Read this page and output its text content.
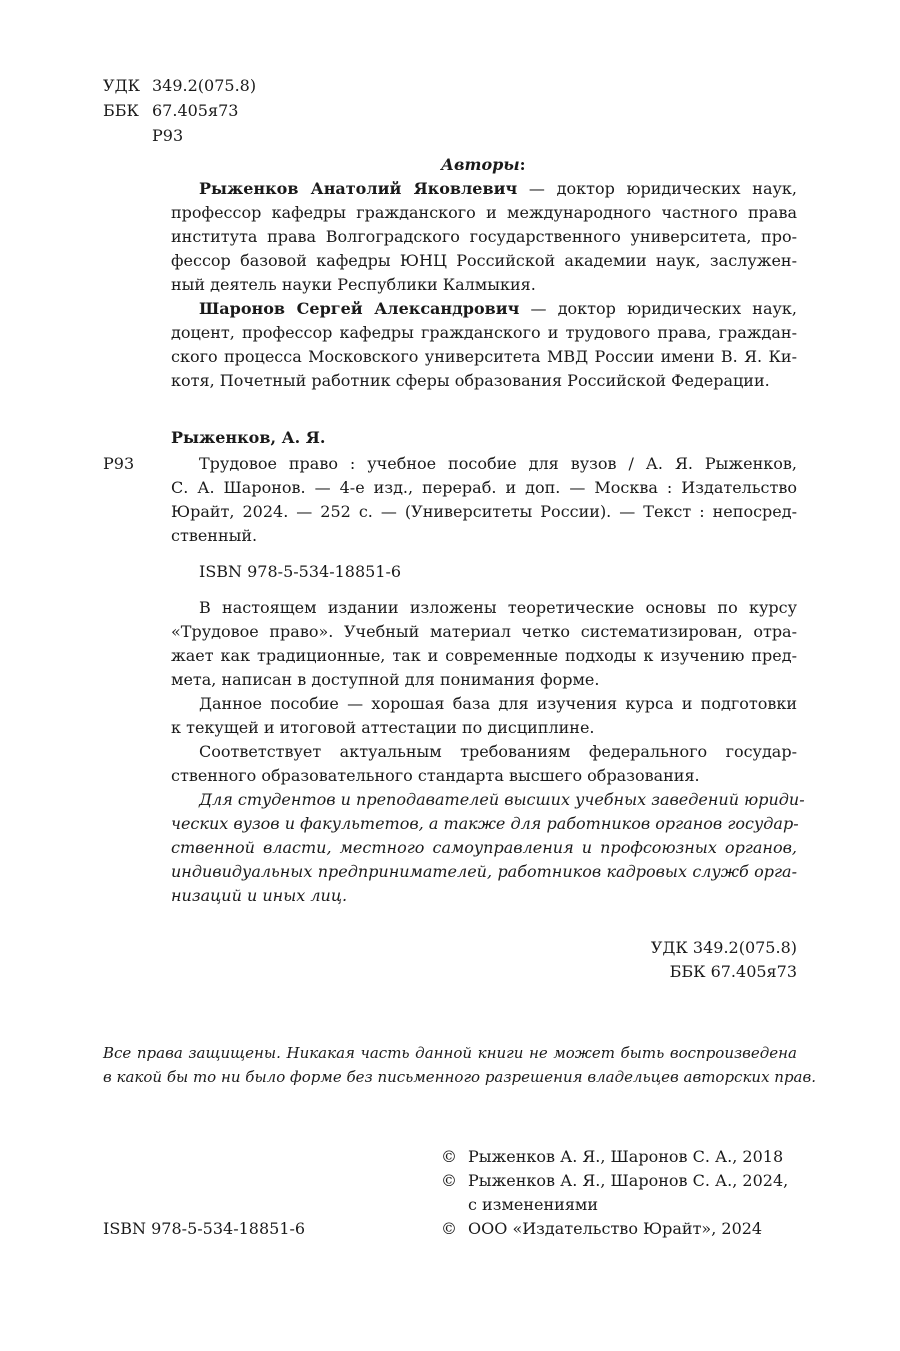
УДК 349.2(075.8)
ББК 67.405я73
Р93
Авторы:
Рыженков Анатолий Яковлевич — доктор юридических наук,
профессор кафедры гражданского и международного частного права
института права Волгоградского государственного университета, про-
фессор базовой кафедры ЮНЦ Российской академии наук, заслужен-
ный деятель науки Республики Калмыкия.
Шаронов Сергей Александрович — доктор юридических наук,
доцент, профессор кафедры гражданского и трудового права, граждан-
ского процесса Московского университета МВД России имени В. Я. Ки-
котя, Почетный работник сферы образования Российской Федерации.
Рыженков, А. Я.
Р93	Трудовое право : учебное пособие для вузов / А. Я. Рыженков,
С. А. Шаронов. — 4-е изд., перераб. и доп. — Москва : Издательство
Юрайт, 2024. — 252 с. — (Университеты России). — Текст : непосред-
ственный.
ISBN 978-5-534-18851-6
В настоящем издании изложены теоретические основы по курсу
«Трудовое право». Учебный материал четко систематизирован, отра-
жает как традиционные, так и современные подходы к изучению пред-
мета, написан в доступной для понимания форме.
Данное пособие — хорошая база для изучения курса и подготовки
к текущей и итоговой аттестации по дисциплине.
Соответствует актуальным требованиям федерального государ-
ственного образовательного стандарта высшего образования.
Для студентов и преподавателей высших учебных заведений юриди-
ческих вузов и факультетов, а также для работников органов государ-
ственной власти, местного самоуправления и профсоюзных органов,
индивидуальных предпринимателей, работников кадровых служб орга-
низаций и иных лиц.
УДК 349.2(075.8)
ББК 67.405я73
Все права защищены. Никакая часть данной книги не может быть воспроизведена
в какой бы то ни было форме без письменного разрешения владельцев авторских прав.
© Рыженков А. Я., Шаронов С. А., 2018
© Рыженков А. Я., Шаронов С. А., 2024,
с изменениями
© ООО «Издательство Юрайт», 2024
ISBN 978-5-534-18851-6
